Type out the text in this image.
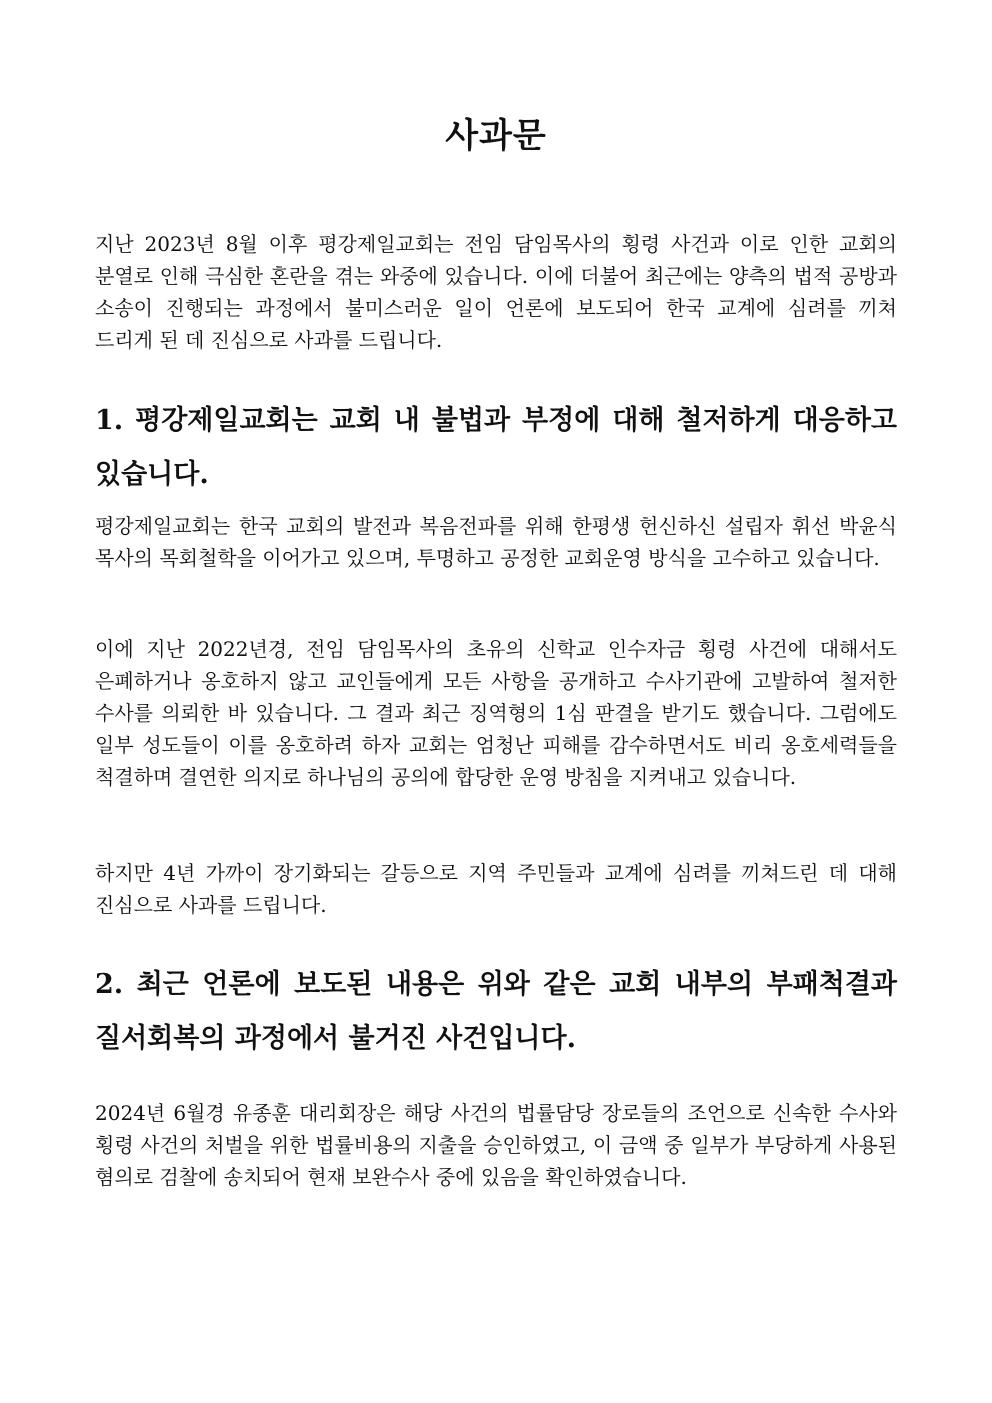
사과문

지난 2023년 8월 이후 평강제일교회는 전임 담임목사의 횡령 사건과 이로 인한 교회의 분열로 인해 극심한 혼란을 겪는 와중에 있습니다. 이에 더불어 최근에는 양측의 법적 공방과 소송이 진행되는 과정에서 불미스러운 일이 언론에 보도되어 한국 교계에 심려를 끼쳐 드리게 된 데 진심으로 사과를 드립니다.

1. 평강제일교회는 교회 내 불법과 부정에 대해 철저하게 대응하고 있습니다.

평강제일교회는 한국 교회의 발전과 복음전파를 위해 한평생 헌신하신 설립자 휘선 박윤식 목사의 목회철학을 이어가고 있으며, 투명하고 공정한 교회운영 방식을 고수하고 있습니다.

이에 지난 2022년경, 전임 담임목사의 초유의 신학교 인수자금 횡령 사건에 대해서도 은폐하거나 옹호하지 않고 교인들에게 모든 사항을 공개하고 수사기관에 고발하여 철저한 수사를 의뢰한 바 있습니다. 그 결과 최근 징역형의 1심 판결을 받기도 했습니다. 그럼에도 일부 성도들이 이를 옹호하려 하자 교회는 엄청난 피해를 감수하면서도 비리 옹호세력들을 척결하며 결연한 의지로 하나님의 공의에 합당한 운영 방침을 지켜내고 있습니다.

하지만 4년 가까이 장기화되는 갈등으로 지역 주민들과 교계에 심려를 끼쳐드린 데 대해 진심으로 사과를 드립니다.

2. 최근 언론에 보도된 내용은 위와 같은 교회 내부의 부패척결과 질서회복의 과정에서 불거진 사건입니다.

2024년 6월경 유종훈 대리회장은 해당 사건의 법률담당 장로들의 조언으로 신속한 수사와 횡령 사건의 처벌을 위한 법률비용의 지출을 승인하였고, 이 금액 중 일부가 부당하게 사용된 혐의로 검찰에 송치되어 현재 보완수사 중에 있음을 확인하였습니다.
